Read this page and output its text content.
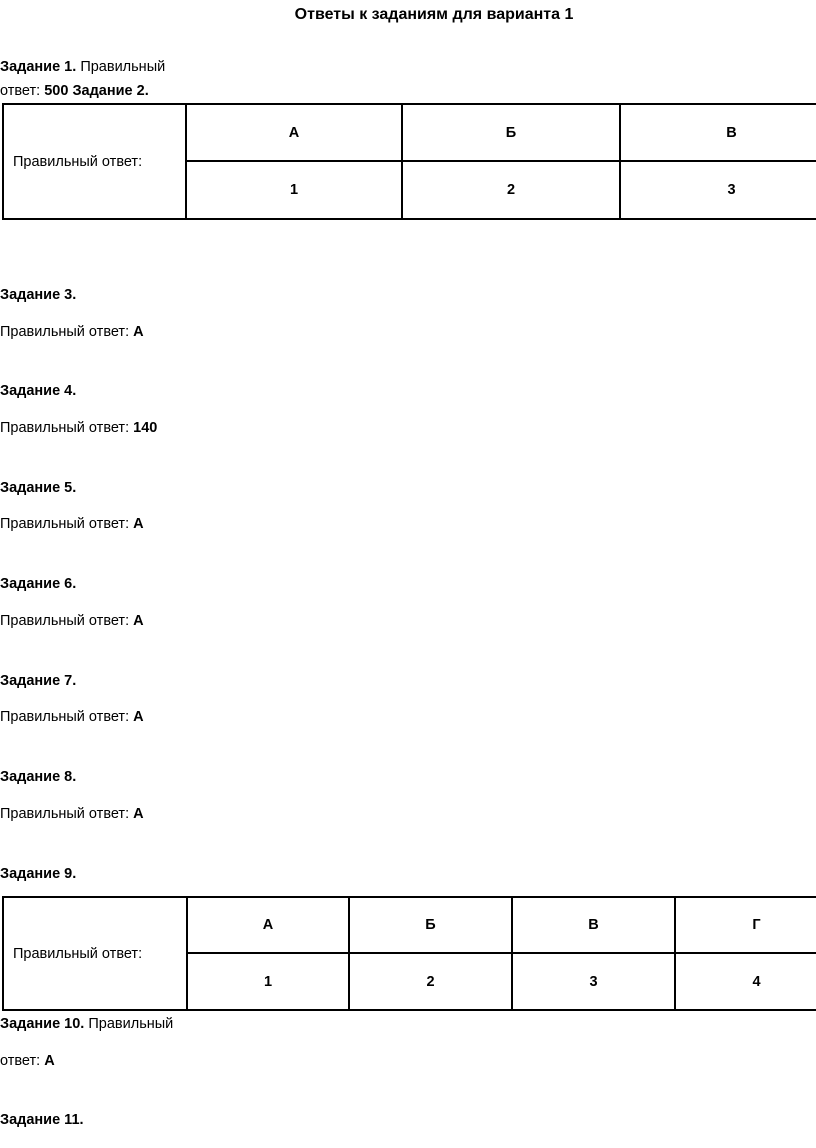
Ответы к заданиям для варианта 1
Задание 1. Правильный
ответ: 500 Задание 2.
Правильный ответ:	А	Б	В
	1	2	3
Задание 3.
Правильный ответ: А
Задание 4.
Правильный ответ: 140
Задание 5.
Правильный ответ: А
Задание 6.
Правильный ответ: А
Задание 7.
Правильный ответ: А
Задание 8.
Правильный ответ: А
Задание 9.
Правильный ответ:	А	Б	В	Г
	1	2	3	4
Задание 10. Правильный
ответ: А
Задание 11.
